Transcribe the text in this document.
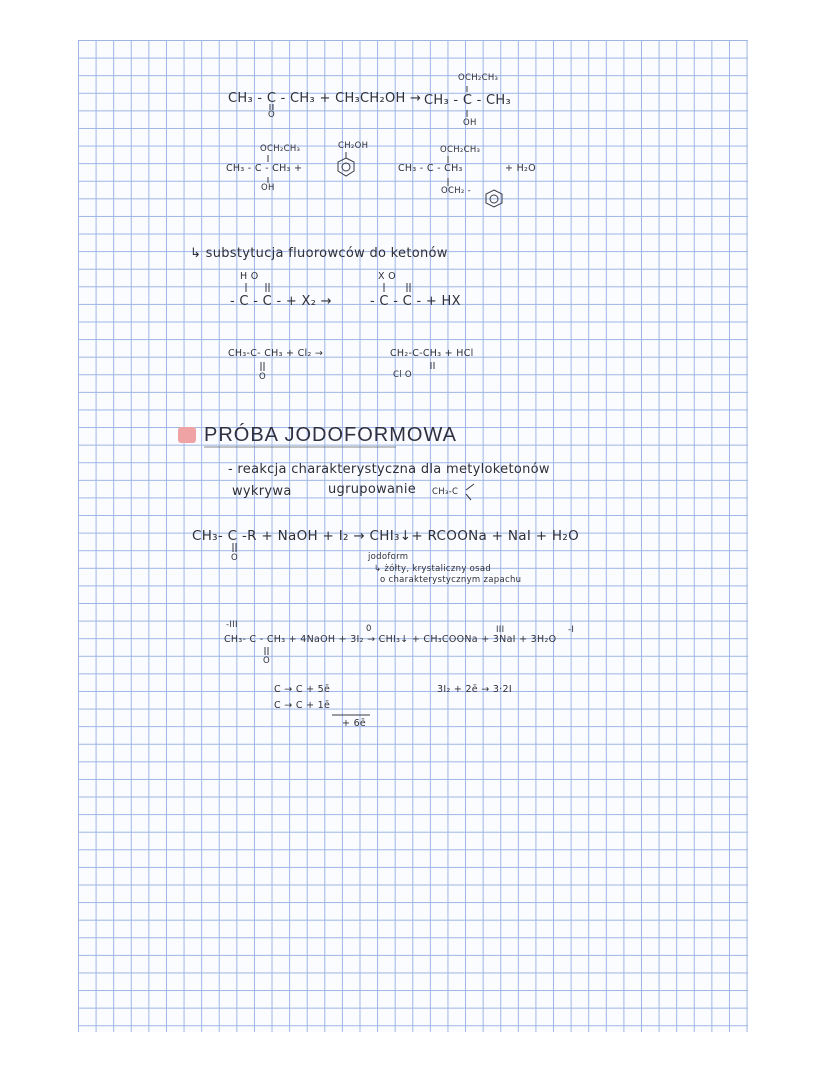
OCH₂CH₃
CH₃ - C - CH₃ + CH₃CH₂OH → CH₃ - C - CH₃
O
OH
OCH₂CH₃	CH₂OH	OCH₂CH₃
CH₃ - C - CH₃ +	CH₃ - C - CH₃	+ H₂O
OH	OCH₂ -
↳ substytucja fluorowców do ketonów
H O	X O
- C - C - + X₂ →	- C - C - + HX
CH₃-C- CH₃ + Cl₂ →
O
CH₂-C-CH₃ + HCl
Cl O
PRÓBA JODOFORMOWA
- reakcja charakterystyczna dla metyloketonów
wykrywa	ugrupowanie CH₃-C
CH₃- C -R + NaOH + I₂ → CHI₃↓+ RCOONa + NaI + H₂O
O	jodoform
↳ żółty, krystaliczny osad
o charakterystycznym zapachu
-III	0	III	-I
CH₃- C - CH₃ + 4NaOH + 3I₂ → CHI₃↓ + CH₃COONa + 3NaI + 3H₂O
O
C → C + 5ē
C → C + 1ē
+ 6ē
3I₂ + 2ē → 3·2I
